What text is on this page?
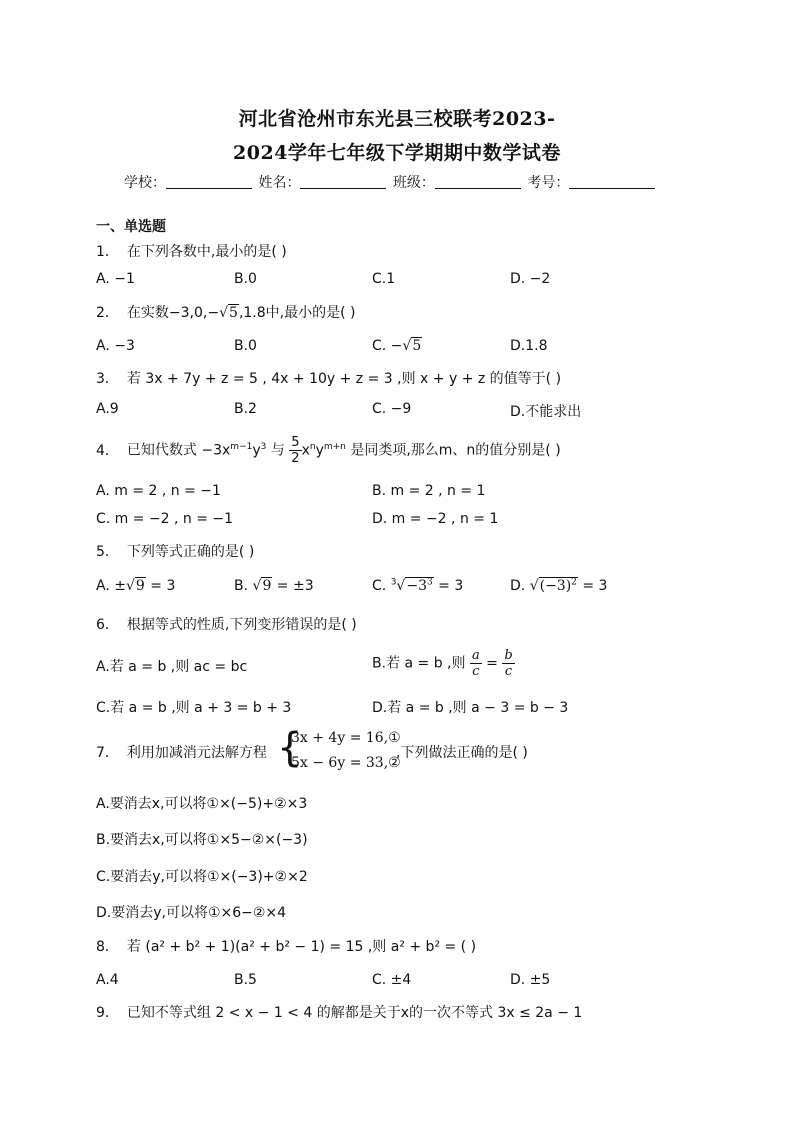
河北省沧州市东光县三校联考2023-
2024学年七年级下学期期中数学试卷
学校：	姓名：	班级：	考号：
一、单选题
1． 在下列各数中,最小的是( )
A. −1	B.0	C.1	D. −2
2． 在实数−3,0,−√5,1.8中,最小的是( )
A. −3	B.0	C. −√5	D.1.8
3． 若 3x + 7y + z = 5 , 4x + 10y + z = 3 ,则 x + y + z 的值等于( )
A.9	B.2	C. −9	D.不能求出
4． 已知代数式 $-3x^{m-1}y^3$ 与 $\frac{5}{2} x^ny^{m+n}$ 是同类项,那么m、n的值分别是( )
A. m = 2 , n = −1	B. m = 2 , n = 1
C. m = −2 , n = −1	D. m = −2 , n = 1
5． 下列等式正确的是( )
A. ±√9 = 3	B. √9 = ±3	C. $^3√-3^3 = 3$	D. $√(-3)^2 = 3$
6． 根据等式的性质,下列变形错误的是( )
A.若 a = b ,则 ac = bc	B.若 a = b ,则 $\frac{a}{c} = \frac{b}{c}$
C.若 a = b ,则 a + 3 = b + 3	D.若 a = b ,则 a − 3 = b − 3
7． 利用加减消元法解方程 {
3x + 4y = 16,①
5x − 6y = 33,②
,下列做法正确的是( )
A.要消去x,可以将①×(−5)+②×3
B.要消去x,可以将①×5−②×(−3)
C.要消去y,可以将①×(−3)+②×2
D.要消去y,可以将①×6−②×4
8． 若 (a² + b² + 1)(a² + b² − 1) = 15 ,则 a² + b² = ( )
A.4	B.5	C. ±4	D. ±5
9． 已知不等式组 2 < x − 1 < 4 的解都是关于x的一次不等式 3x ≤ 2a − 1
